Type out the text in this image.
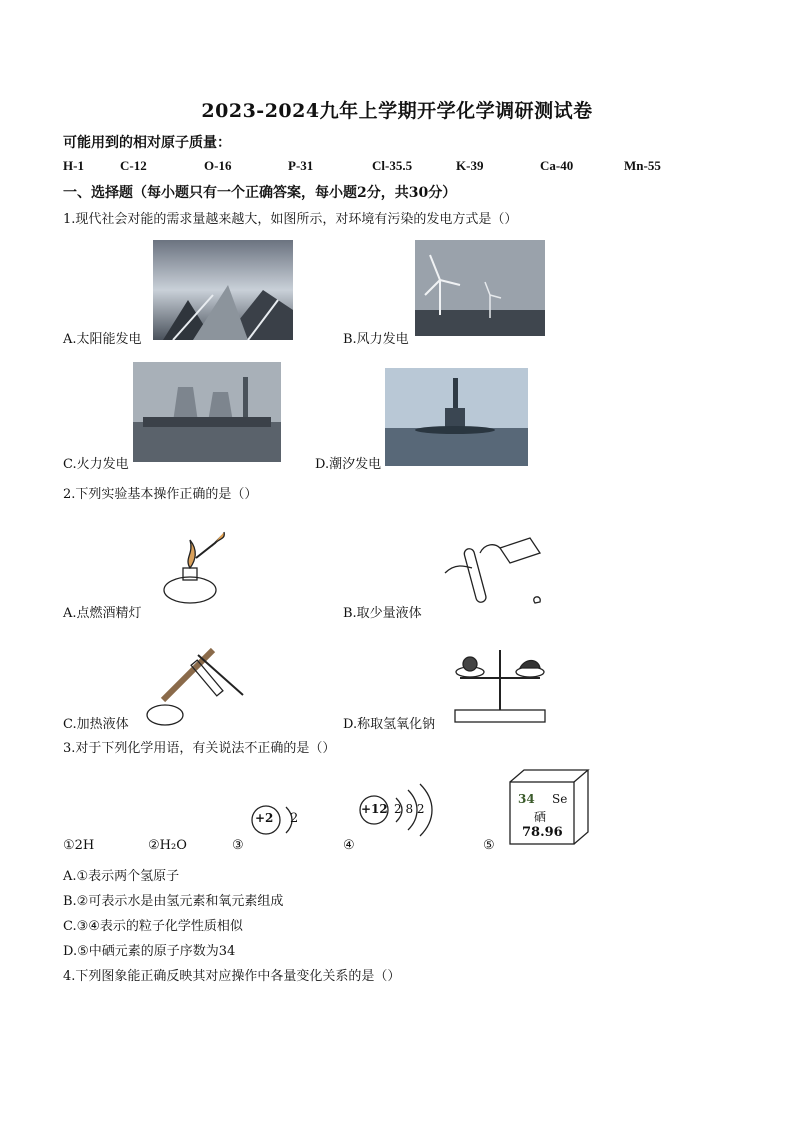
2023-2024九年上学期开学化学调研测试卷
可能用到的相对原子质量：
H-1	C-12	O-16	P-31	Cl-35.5	K-39	Ca-40	Mn-55
一、选择题（每小题只有一个正确答案，每小题2分，共30分）
1.现代社会对能的需求量越来越大，如图所示，对环境有污染的发电方式是（）
A.太阳能发电	B.风力发电
C.火力发电	D.潮汐发电
2.下列实验基本操作正确的是（）
A.点燃酒精灯	B.取少量液体
C.加热液体	D.称取氢氧化钠
3.对于下列化学用语，有关说法不正确的是（）
+2 2
+12 2 8 2
34 Se
硒
78.96
①2H	②H₂O	③	④	⑤
A.①表示两个氢原子
B.②可表示水是由氢元素和氧元素组成
C.③④表示的粒子化学性质相似
D.⑤中硒元素的原子序数为34
4.下列图象能正确反映其对应操作中各量变化关系的是（）
